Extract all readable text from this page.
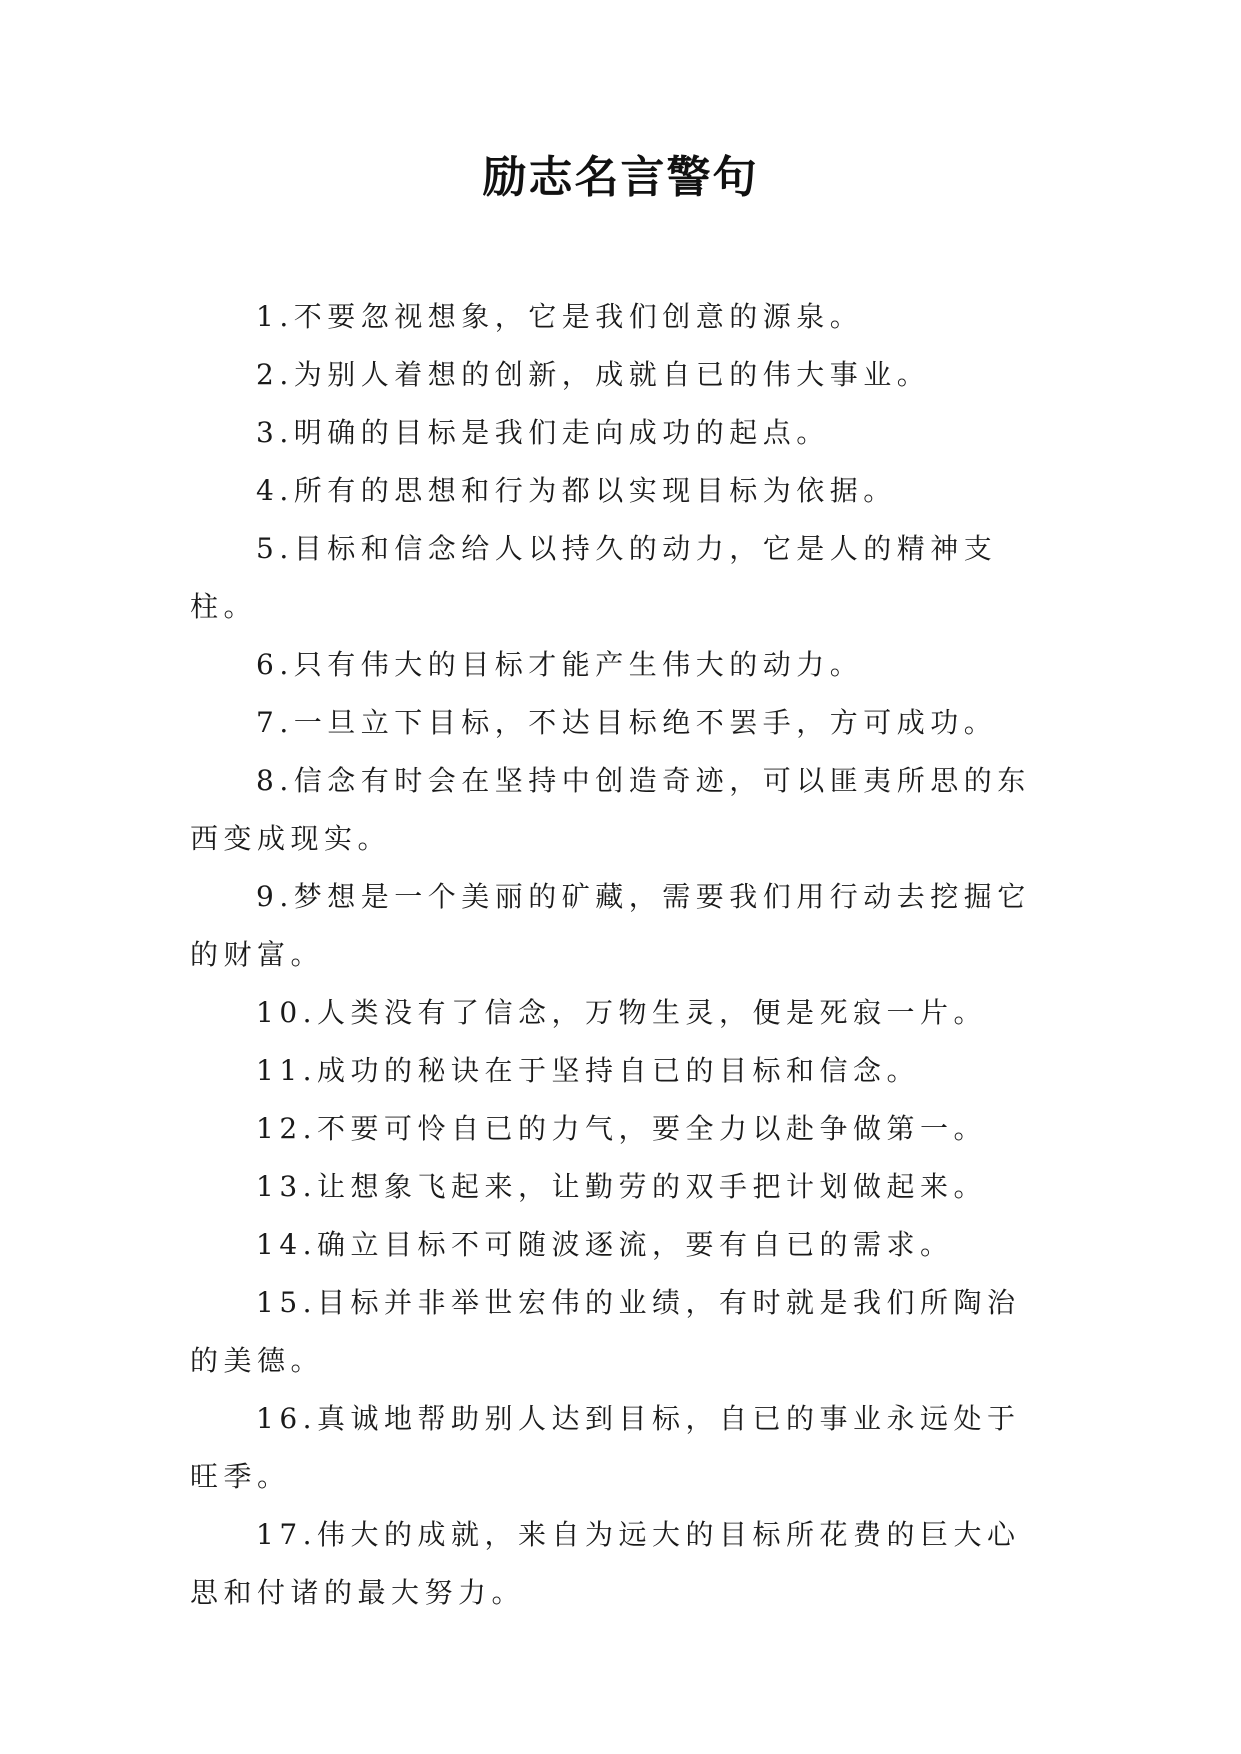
励志名言警句

1.不要忽视想象，它是我们创意的源泉。

2.为别人着想的创新，成就自已的伟大事业。

3.明确的目标是我们走向成功的起点。

4.所有的思想和行为都以实现目标为依据。

5.目标和信念给人以持久的动力，它是人的精神支柱。

6.只有伟大的目标才能产生伟大的动力。

7.一旦立下目标，不达目标绝不罢手，方可成功。

8.信念有时会在坚持中创造奇迹，可以匪夷所思的东西变成现实。

9.梦想是一个美丽的矿藏，需要我们用行动去挖掘它的财富。

10.人类没有了信念，万物生灵，便是死寂一片。

11.成功的秘诀在于坚持自已的目标和信念。

12.不要可怜自已的力气，要全力以赴争做第一。

13.让想象飞起来，让勤劳的双手把计划做起来。

14.确立目标不可随波逐流，要有自已的需求。

15.目标并非举世宏伟的业绩，有时就是我们所陶治的美德。

16.真诚地帮助别人达到目标，自已的事业永远处于旺季。

17.伟大的成就，来自为远大的目标所花费的巨大心思和付诸的最大努力。
